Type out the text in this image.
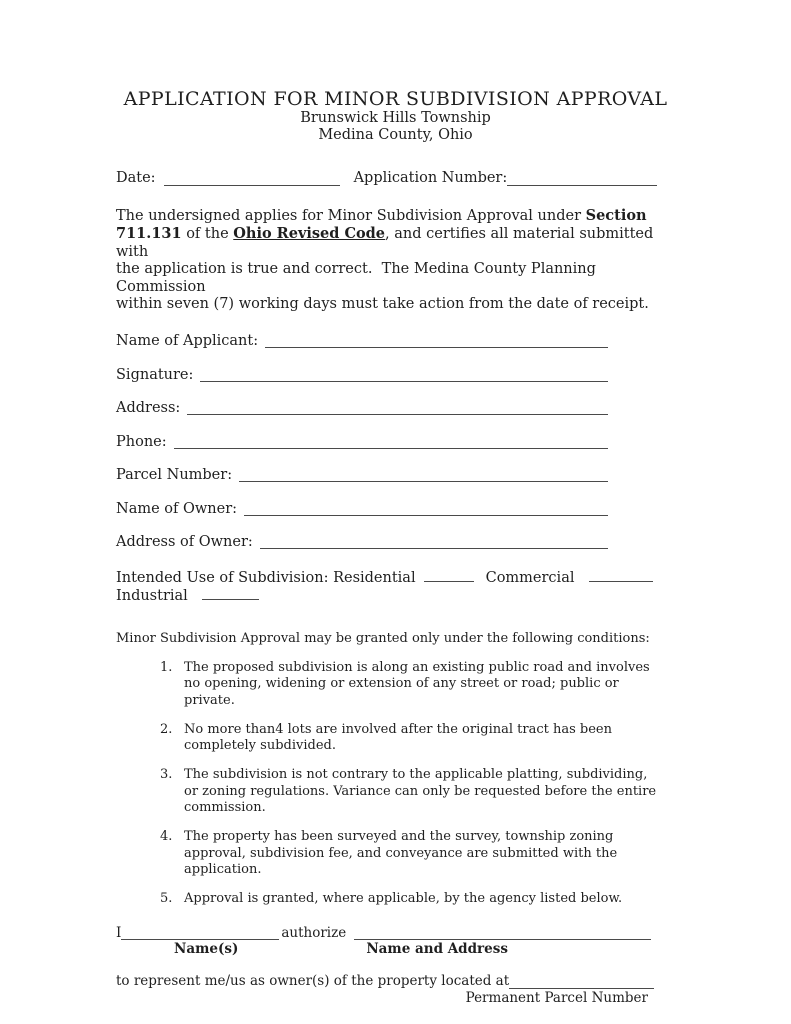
APPLICATION FOR MINOR SUBDIVISION APPROVAL
Brunswick Hills Township
Medina County, Ohio
Date:	Application Number:
The undersigned applies for Minor Subdivision Approval under Section
711.131 of the Ohio Revised Code, and certifies all material submitted with
the application is true and correct.  The Medina County Planning Commission
within seven (7) working days must take action from the date of receipt.
Name of Applicant:
Signature:
Address:
Phone:
Parcel Number:
Name of Owner:
Address of Owner:
Intended Use of Subdivision: Residential	Commercial
Industrial
Minor Subdivision Approval may be granted only under the following conditions:
1. The proposed subdivision is along an existing public road and involves no opening, widening or extension of any street or road; public or private.
2. No more than4 lots are involved after the original tract has been completely subdivided.
3. The subdivision is not contrary to the applicable platting, subdividing, or zoning regulations. Variance can only be requested before the entire commission.
4. The property has been surveyed and the survey, township zoning approval, subdivision fee, and conveyance are submitted with the application.
5. Approval is granted, where applicable, by the agency listed below.
I	authorize
Name(s)	Name and Address
to represent me/us as owner(s) of the property located at
Permanent Parcel Number
